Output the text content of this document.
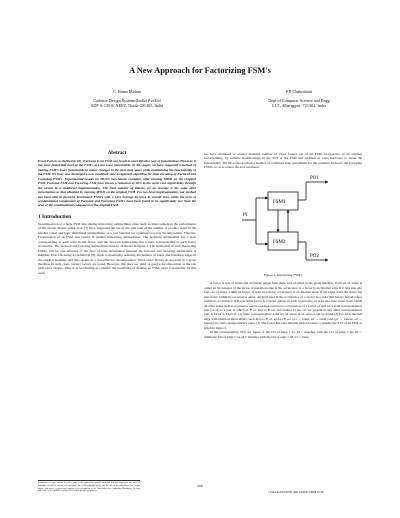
A New Approach for Factorizing FSM's
C. Rama Mohan
Cadence Design Systems(India) Pvt Ltd
SDF A-1/B-8, NEPZ, Noida-201305, India
P.P. Chakrabarti
Dept of Computer Science and Engg
I.I.T., Kharagpur -721302, India
Abstract

Exact Factors as defined in [8], if present in an FSM can result in most effective way of factorization. However, it has been found that most of the FSM's are not exact factorizable. In this paper, we have suggested a method of making FSM's exact factorizable by minor changes in the next state space while maintaining the functionality of the FSM. We have also developed a new combined state assignment algorithm for state encoding of Factored and Factoring FSM's. Experimental results on MCNC benchmark examples, after running MISII on the Original FSM, Factored FSM and Factoring FSM have shown a reduction of 40% in the worst case signal delay through the circuit in a multilevel implementation. The total number of literals, on an average is the same after factorization as that obtained by running MISII on the original FSM. For two-level implementation, our method has been able to factorize benchmark FSM's with a 14% average increase in overall area, while the area of combinational components of Factored and Factoring FSM's have been found to be significantly less than the area of the combinational component of the original FSM.

1 Introduction

Decomposition of a large FSM into smaller interacting submachines often leads to improvement in the performance of the circuit. Pranav Ashar et.al. [1] have suggested the use of the sum total of the number of product terms in the one-hot coded and logic minimized submachines, as a cost function for optimum two-way decomposition. Effective Factorization of an FSM also results in smaller interacting submachines. The factoring submachine has a state corresponding to each state in the factor, and the factored submachine has a state corresponding to each factor occurrence. The factored and factoring submachines interact as shown in figure 1. The realization of such interacting FSM's, will be cost-effective, if the flow of state information between the factored and factoring submachine is minimal. Exact factoring as defined in [8], leads to maximally reducing the number of states and transition edges in the original machine, and thus results in a cost-effective decomposition. Often exact factors do not exist in a given machine. In such cases, inexact factors are found. However, this does not yield as good a decomposition as the one with exact factors. Thus it is worthwhile to consider the possibility of making an FSM, exact factorizable. In this work,

we have attempted to extract maximal number of exact factors out of an FSM, irrespective of its original factorizability, by suitable modifications in the STT of the FSM and addition of extra hardware to retain the functionality. We have also evolved a method of combined state assignment for the resultant Factored and Factoring FSM's, so as to reduce the area overhead.

PI
FSM1
FSM2
PO1
PO2
Figure 1: Interacting FSM's

A factor is sets of states and all fanout edges from these sets of states in the given machine. Each set of states is called an Occurrence of the factor. A transition edge in the occurrence of a factor is an Internal edge if it fans into and fans out of states within its factor. A state in a factor occurrence is an Internal state, if all edges from the states fan into states within its occurrence alone. An Exit state in the occurrence of a factor, is a state that has no fanout edges within its occurrence. A E-reachable factor is a factor where, in each occurrence, at least one state exists from which all other states in that occurrence can be reached. Given two occurrences of a factor o1 and o2, a state correspondence pair (s1,s2) is a pair in which s1 ∈ o1 and s2 ∈ o2, and neither s1 nor s2, are present in any other correspondence pair. A factor is Exact if, (1) State correspondence pairs for all states in o1 and o2 can be found (2) For each internal edge with identical input labels, such that e1 ∈ o1 and e2 ∈ o2, (e1 → fanin, e2 → fanin) and (e1 → fanout, e2 → fanout) are state correspondence pairs. (3) The factor has only internal and exit states. Consider the STT of an FSM as given in figure 2.

In the corresponding STG for figure 2, the I/O of edge < s1, s4 > matches with the I/O of edge < s6, s8 >. Similarly, I/O of edge < s4, s2 > matches with the I/O of edge < s8, s3 >. Now,

Permission to copy without fee all or part of this material is granted provided that the copies are not made or distributed for direct commercial advantage, the ACM copyright notice and the title of the publication and its date appear, and notice is given that copying is by permission of the Association for Computing Machinery. To copy otherwise, or to republish, requires a fee and/or specific permission.
698
©1994 ACM 0-89791-690-5/94/0011/0698 $3.50
